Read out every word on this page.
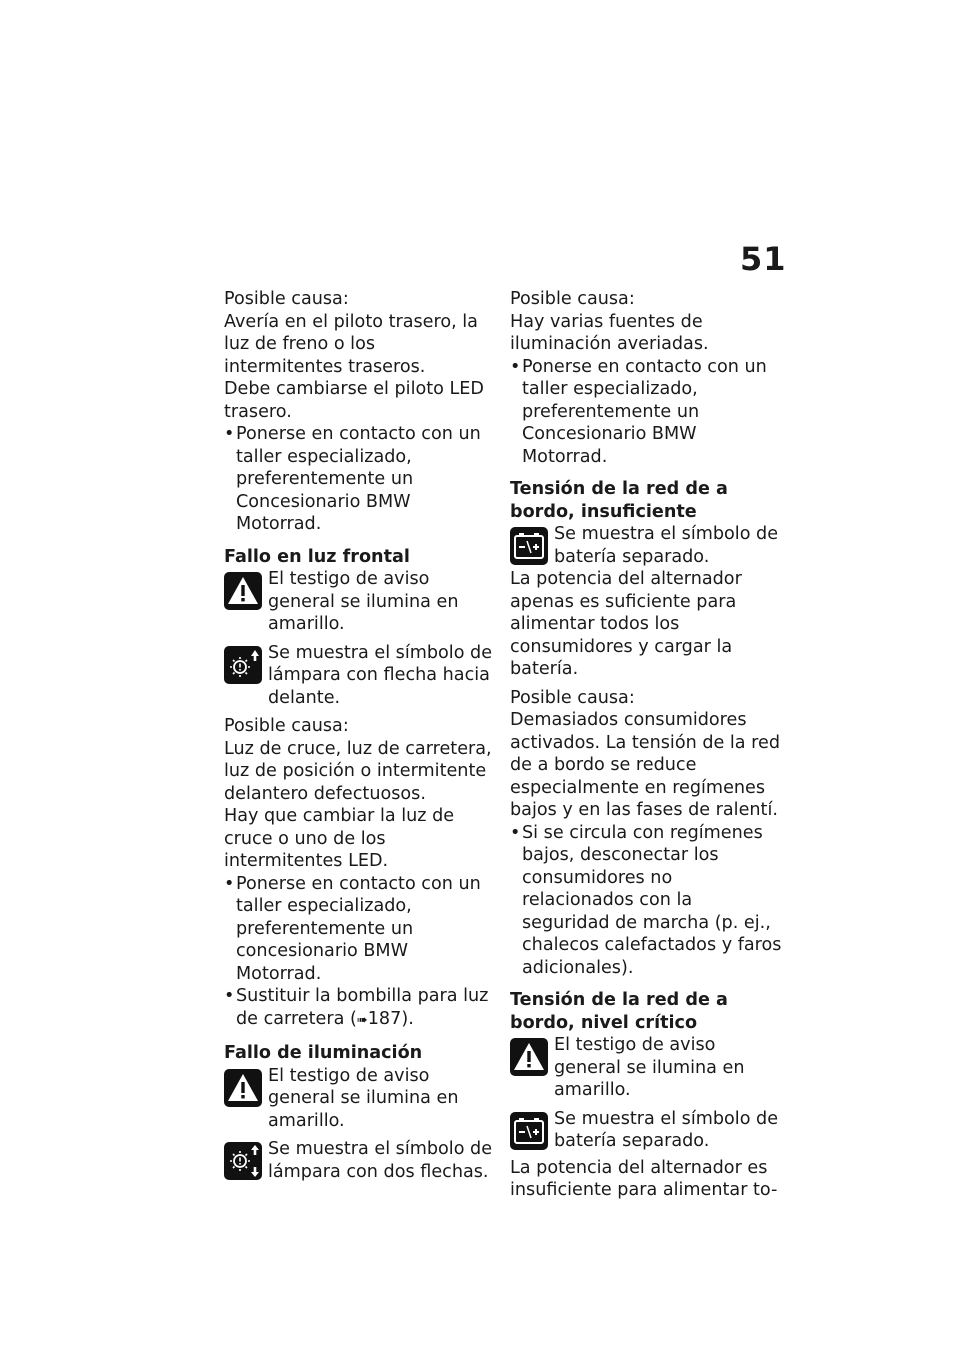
51

Posible causa:

Avería en el piloto trasero, la luz de freno o los intermitentes traseros.

Debe cambiarse el piloto LED trasero.

• Ponerse en contacto con un taller especializado, preferentemente un Concesionario BMW Motorrad.
Fallo en luz frontal
El testigo de aviso general se ilumina en amarillo.
Se muestra el símbolo de lámpara con flecha hacia delante.

Posible causa:

Luz de cruce, luz de carretera, luz de posición o intermitente delantero defectuosos.

Hay que cambiar la luz de cruce o uno de los intermitentes LED.

• Ponerse en contacto con un taller especializado, preferentemente un concesionario BMW Motorrad.
• Sustituir la bombilla para luz de carretera (➠187).
Fallo de iluminación
El testigo de aviso general se ilumina en amarillo.
Se muestra el símbolo de lámpara con dos flechas.

Posible causa:

Hay varias fuentes de iluminación averiadas.

• Ponerse en contacto con un taller especializado, preferentemente un Concesionario BMW Motorrad.
Tensión de la red de a bordo, insuficiente
Se muestra el símbolo de batería separado.

La potencia del alternador apenas es suficiente para alimentar todos los consumidores y cargar la batería.

Posible causa:

Demasiados consumidores activados. La tensión de la red de a bordo se reduce especialmente en regímenes bajos y en las fases de ralentí.

• Si se circula con regímenes bajos, desconectar los consumidores no relacionados con la seguridad de marcha (p. ej., chalecos calefactados y faros adicionales).
Tensión de la red de a bordo, nivel crítico
El testigo de aviso general se ilumina en amarillo.
Se muestra el símbolo de batería separado.

La potencia del alternador es insuficiente para alimentar to-
